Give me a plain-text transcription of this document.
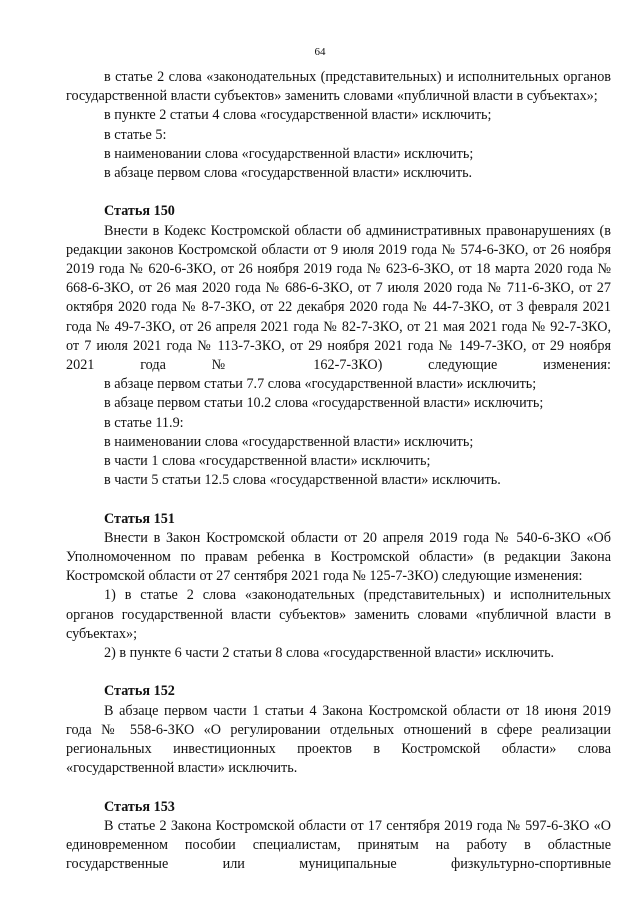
64

в статье 2 слова «законодательных (представительных) и исполнительных органов государственной власти субъектов» заменить словами «публичной власти в субъектах»;

в пункте 2 статьи 4 слова «государственной власти» исключить;

в статье 5:

в наименовании слова «государственной власти» исключить;

в абзаце первом слова «государственной власти» исключить.

Статья 150

Внести в Кодекс Костромской области об административных правонарушениях (в редакции законов Костромской области от 9 июля 2019 года № 574-6-ЗКО, от 26 ноября 2019 года № 620-6-ЗКО, от 26 ноября 2019 года № 623-6-ЗКО, от 18 марта 2020 года № 668-6-ЗКО, от 26 мая 2020 года № 686-6-ЗКО, от 7 июля 2020 года № 711-6-ЗКО, от 27 октября 2020 года № 8-7-ЗКО, от 22 декабря 2020 года № 44-7-ЗКО, от 3 февраля 2021 года № 49-7-ЗКО, от 26 апреля 2021 года № 82-7-ЗКО, от 21 мая 2021 года № 92-7-ЗКО, от 7 июля 2021 года № 113-7-ЗКО, от 29 ноября 2021 года № 149-7-ЗКО, от 29 ноября 2021 года № 162-7-ЗКО) следующие изменения:

в абзаце первом статьи 7.7 слова «государственной власти» исключить;

в абзаце первом статьи 10.2 слова «государственной власти» исключить;

в статье 11.9:

в наименовании слова «государственной власти» исключить;

в части 1 слова «государственной власти» исключить;

в части 5 статьи 12.5 слова «государственной власти» исключить.

Статья 151

Внести в Закон Костромской области от 20 апреля 2019 года № 540-6-ЗКО «Об Уполномоченном по правам ребенка в Костромской области» (в редакции Закона Костромской области от 27 сентября 2021 года № 125-7-ЗКО) следующие изменения:

1) в статье 2 слова «законодательных (представительных) и исполнительных органов государственной власти субъектов» заменить словами «публичной власти в субъектах»;

2) в пункте 6 части 2 статьи 8 слова «государственной власти» исключить.

Статья 152

В абзаце первом части 1 статьи 4 Закона Костромской области от 18 июня 2019 года № 558-6-ЗКО «О регулировании отдельных отношений в сфере реализации региональных инвестиционных проектов в Костромской области» слова «государственной власти» исключить.

Статья 153

В статье 2 Закона Костромской области от 17 сентября 2019 года № 597-6-ЗКО «О единовременном пособии специалистам, принятым на работу в областные государственные или муниципальные физкультурно-спортивные
